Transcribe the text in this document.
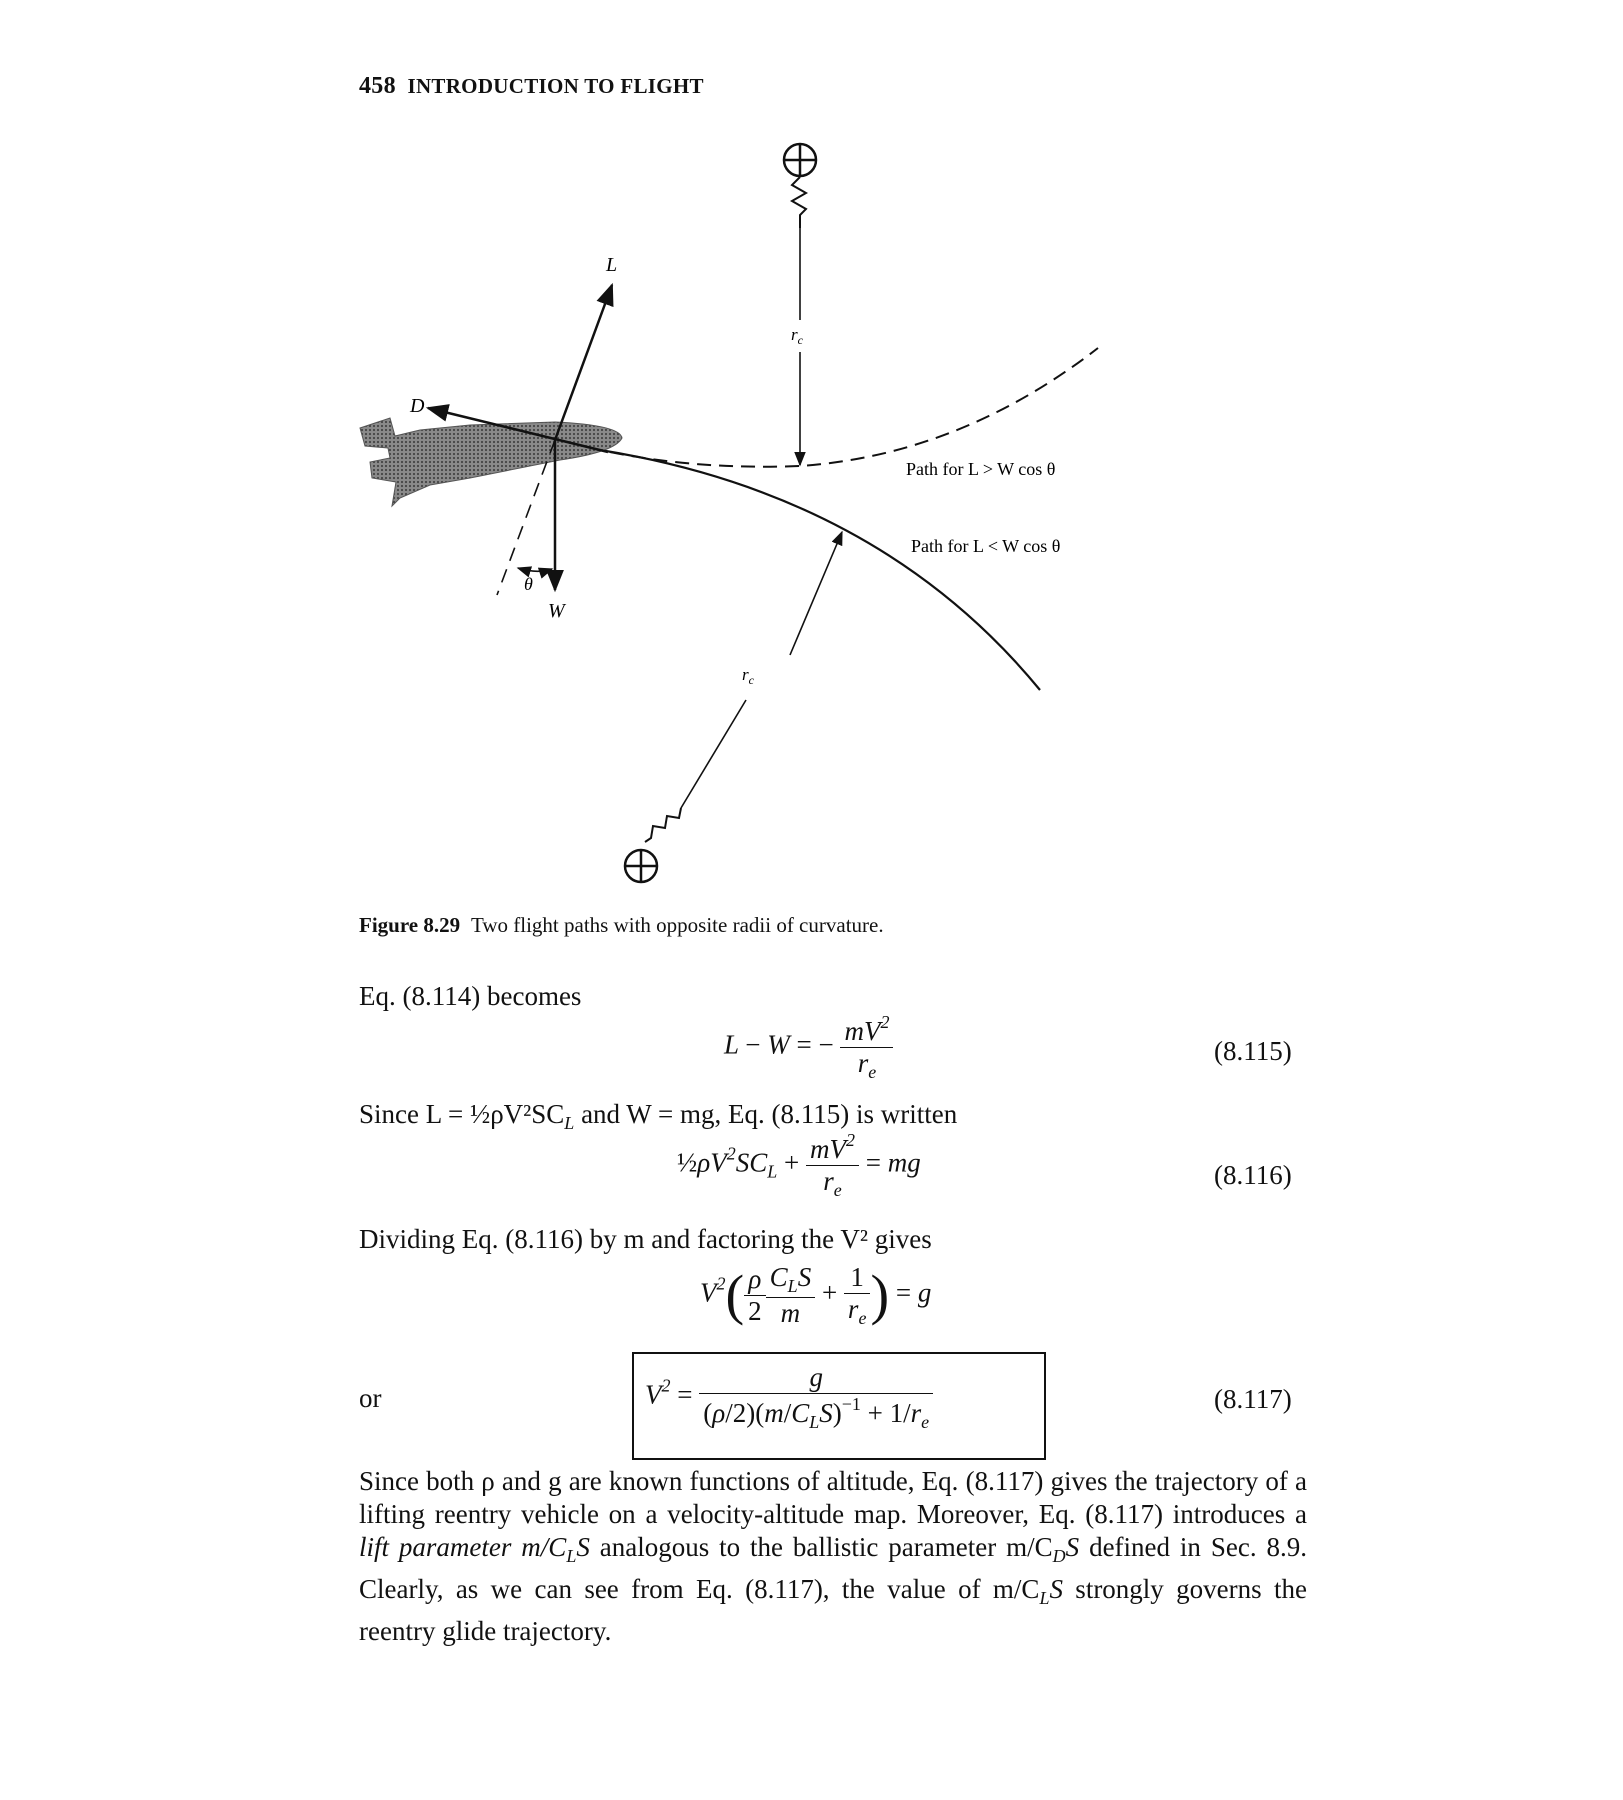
458 INTRODUCTION TO FLIGHT
$r_c$
L
D
W
θ
Path for L > W cos θ
Path for L < W cos θ
$r_c$
Figure 8.29 Two flight paths with opposite radii of curvature.
Eq. (8.114) becomes
L − W = − $\frac{mV^2}{r_e}$	(8.115)
Since $L = \frac{1}{2}\rho V^2SC_L$ and W = mg, Eq. (8.115) is written
$\frac{1}{2}\rho V^2SC_L + \frac{mV^2}{r_e}$ = mg	(8.116)
Dividing Eq. (8.116) by m and factoring the V² gives
$V^2( \frac{\rho}{2} \frac{C_LS}{m} + \frac{1}{r_e}$ ) = g
or	$V^2 = \frac{g}{(\rho/2)(m/C_LS)^{-1} + 1/r_e}$	(8.117)
Since both ρ and g are known functions of altitude, Eq. (8.117) gives the trajectory of a lifting reentry vehicle on a velocity-altitude map. Moreover, Eq. (8.117) introduces a lift parameter $m/C_LS$ analogous to the ballistic parameter $m/C_DS$ defined in Sec. 8.9. Clearly, as we can see from Eq. (8.117), the value of $m/C_LS$ strongly governs the reentry glide trajectory.
